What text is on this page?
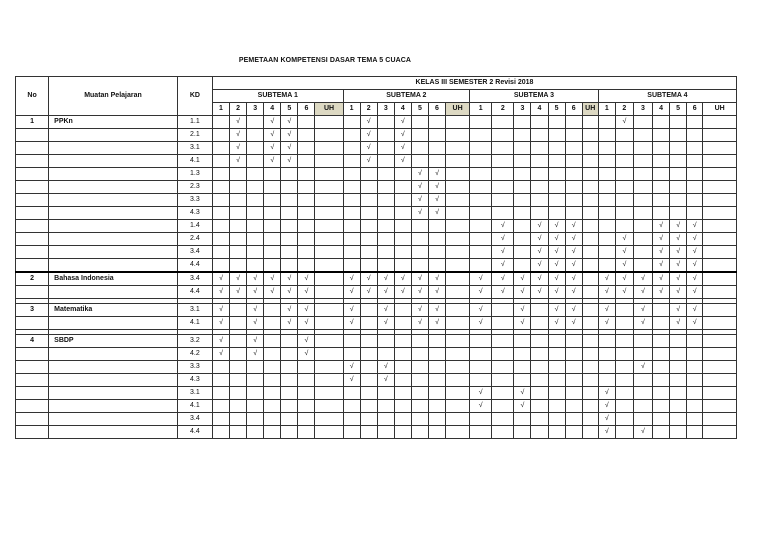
PEMETAAN KOMPETENSI DASAR TEMA 5 CUACA
No	Muatan Pelajaran	KD	KELAS III SEMESTER 2 Revisi 2018																											
			SUBTEMA 1							SUBTEMA 2							SUBTEMA 3							SUBTEMA 4						
			1	2	3	4	5	6	UH	1	2	3	4	5	6	UH	1	2	3	4	5	6	UH	1	2	3	4	5	6	UH
1	PPKn	1.1		√		√	√				√		√												√					
		2.1		√		√	√				√		√																	
		3.1		√		√	√				√		√																	
		4.1		√		√	√				√		√																	
		1.3												√	√															
		2.3												√	√															
		3.3												√	√															
		4.3												√	√															
		1.4																√		√	√	√					√	√	√	
		2.4																√		√	√	√			√		√	√	√	
		3.4																√		√	√	√			√		√	√	√	
		4.4																√		√	√	√			√		√	√	√	
2	Bahasa Indonesia	3.4	√	√	√	√	√	√		√	√	√	√	√	√		√	√	√	√	√	√		√	√	√	√	√	√	
		4.4	√	√	√	√	√	√		√	√	√	√	√	√		√	√	√	√	√	√		√	√	√	√	√	√	

3	Matematika	3.1	√		√		√	√		√		√		√	√		√		√		√	√		√		√		√	√	
		4.1	√		√		√	√		√		√		√	√		√		√		√	√		√		√		√	√	

4	SBDP	3.2	√		√			√																						
		4.2	√		√			√																						
		3.3								√		√														√				
		4.3								√		√																		
		3.1															√		√					√						
		4.1															√		√					√						
		3.4																						√						
		4.4																						√		√				
